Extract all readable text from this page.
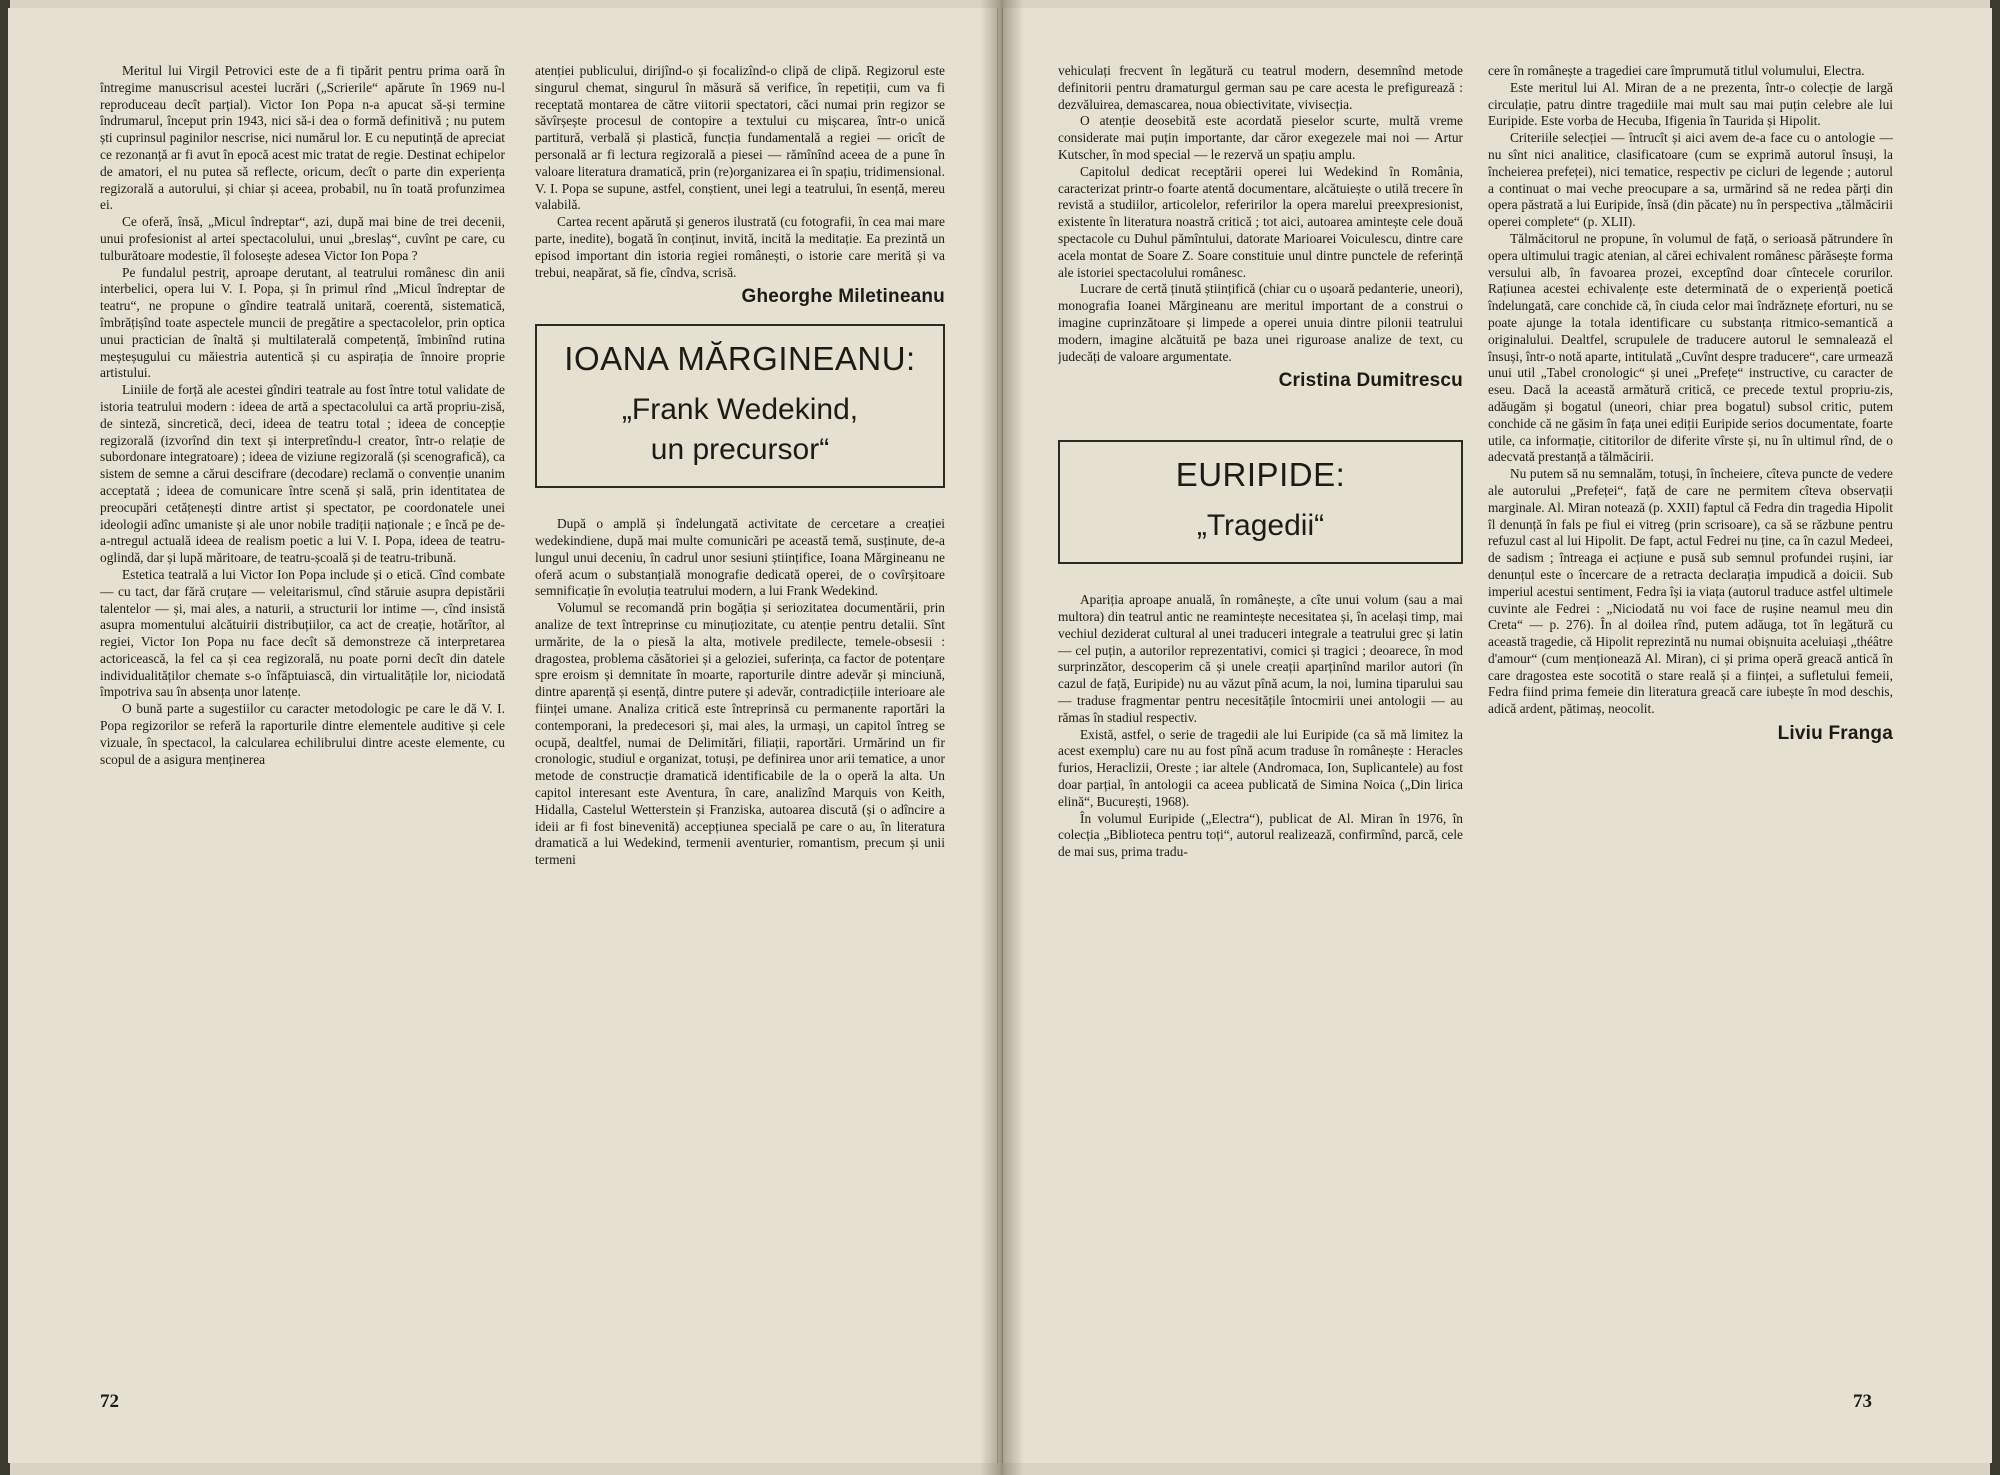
Meritul lui Virgil Petrovici este de a fi tipărit pentru prima oară în întregime manuscrisul acestei lucrări („Scrierile“ apărute în 1969 nu-l reproduceau decît parțial). Victor Ion Popa n-a apucat să-și termine îndrumarul, început prin 1943, nici să-i dea o formă definitivă ; nu putem ști cuprinsul paginilor nescrise, nici numărul lor. E cu neputință de apreciat ce rezonanță ar fi avut în epocă acest mic tratat de regie. Destinat echipelor de amatori, el nu putea să reflecte, oricum, decît o parte din experiența regizorală a autorului, și chiar și aceea, probabil, nu în toată profunzimea ei.

Ce oferă, însă, „Micul îndreptar“, azi, după mai bine de trei decenii, unui profesionist al artei spectacolului, unui „breslaș“, cuvînt pe care, cu tulburătoare modestie, îl folosește adesea Victor Ion Popa ?

Pe fundalul pestriț, aproape derutant, al teatrului românesc din anii interbelici, opera lui V. I. Popa, și în primul rînd „Micul îndreptar de teatru“, ne propune o gîndire teatrală unitară, coerentă, sistematică, îmbrățișînd toate aspectele muncii de pregătire a spectacolelor, prin optica unui practician de înaltă și multilaterală competență, îmbinînd rutina meșteșugului cu măiestria autentică și cu aspirația de înnoire proprie artistului.

Liniile de forță ale acestei gîndiri teatrale au fost între totul validate de istoria teatrului modern : ideea de artă a spectacolului ca artă propriu-zisă, de sinteză, sincretică, deci, ideea de teatru total ; ideea de concepție regizorală (izvorînd din text și interpretîndu-l creator, într-o relație de subordonare integratoare) ; ideea de viziune regizorală (și scenografică), ca sistem de semne a cărui descifrare (decodare) reclamă o convenție unanim acceptată ; ideea de comunicare între scenă și sală, prin identitatea de preocupări cetățenești dintre artist și spectator, pe coordonatele unei ideologii adînc umaniste și ale unor nobile tradiții naționale ; e încă pe de-a-ntregul actuală ideea de realism poetic a lui V. I. Popa, ideea de teatru-oglindă, dar și lupă măritoare, de teatru-școală și de teatru-tribună.

Estetica teatrală a lui Victor Ion Popa include și o etică. Cînd combate — cu tact, dar fără cruțare — veleitarismul, cînd stăruie asupra depistării talentelor — și, mai ales, a naturii, a structurii lor intime —, cînd insistă asupra momentului alcătuirii distribuțiilor, ca act de creație, hotărîtor, al regiei, Victor Ion Popa nu face decît să demonstreze că interpretarea actoricească, la fel ca și cea regizorală, nu poate porni decît din datele individualităților chemate s-o înfăptuiască, din virtualitățile lor, niciodată împotriva sau în absența unor latențe.

O bună parte a sugestiilor cu caracter metodologic pe care le dă V. I. Popa regizorilor se referă la raporturile dintre elementele auditive și cele vizuale, în spectacol, la calcularea echilibrului dintre aceste elemente, cu scopul de a asigura menținerea

atenției publicului, dirijînd-o și focalizînd-o clipă de clipă. Regizorul este singurul chemat, singurul în măsură să verifice, în repetiții, cum va fi receptată montarea de către viitorii spectatori, căci numai prin regizor se săvîrșește procesul de contopire a textului cu mișcarea, într-o unică partitură, verbală și plastică, funcția fundamentală a regiei — oricît de personală ar fi lectura regizorală a piesei — rămînînd aceea de a pune în valoare literatura dramatică, prin (re)organizarea ei în spațiu, tridimensional. V. I. Popa se supune, astfel, conștient, unei legi a teatrului, în esență, mereu valabilă.

Cartea recent apărută și generos ilustrată (cu fotografii, în cea mai mare parte, inedite), bogată în conținut, invită, incită la meditație. Ea prezintă un episod important din istoria regiei românești, o istorie care merită și va trebui, neapărat, să fie, cîndva, scrisă.

Gheorghe Miletineanu
IOANA MĂRGINEANU:
„Frank Wedekind,
un precursor“

După o amplă și îndelungată activitate de cercetare a creației wedekindiene, după mai multe comunicări pe această temă, susținute, de-a lungul unui deceniu, în cadrul unor sesiuni științifice, Ioana Mărgineanu ne oferă acum o substanțială monografie dedicată operei, de o covîrșitoare semnificație în evoluția teatrului modern, a lui Frank Wedekind.

Volumul se recomandă prin bogăția și seriozitatea documentării, prin analize de text întreprinse cu minuțiozitate, cu atenție pentru detalii. Sînt urmărite, de la o piesă la alta, motivele predilecte, temele-obsesii : dragostea, problema căsătoriei și a geloziei, suferința, ca factor de potențare spre eroism și demnitate în moarte, raporturile dintre adevăr și minciună, dintre aparență și esență, dintre putere și adevăr, contradicțiile interioare ale ființei umane. Analiza critică este întreprinsă cu permanente raportări la contemporani, la predecesori și, mai ales, la urmași, un capitol întreg se ocupă, dealtfel, numai de Delimitări, filiații, raportări. Urmărind un fir cronologic, studiul e organizat, totuși, pe definirea unor arii tematice, a unor metode de construcție dramatică identificabile de la o operă la alta. Un capitol interesant este Aventura, în care, analizînd Marquis von Keith, Hidalla, Castelul Wetterstein și Franziska, autoarea discută (și o adîncire a ideii ar fi fost binevenită) accepțiunea specială pe care o au, în literatura dramatică a lui Wedekind, termenii aventurier, romantism, precum și unii termeni

72

vehiculați frecvent în legătură cu teatrul modern, desemnînd metode definitorii pentru dramaturgul german sau pe care acesta le prefigurează : dezvăluirea, demascarea, noua obiectivitate, vivisecția.

O atenție deosebită este acordată pieselor scurte, multă vreme considerate mai puțin importante, dar căror exegezele mai noi — Artur Kutscher, în mod special — le rezervă un spațiu amplu.

Capitolul dedicat receptării operei lui Wedekind în România, caracterizat printr-o foarte atentă documentare, alcătuiește o utilă trecere în revistă a studiilor, articolelor, referirilor la opera marelui preexpresionist, existente în literatura noastră critică ; tot aici, autoarea amintește cele două spectacole cu Duhul pămîntului, datorate Marioarei Voiculescu, dintre care acela montat de Soare Z. Soare constituie unul dintre punctele de referință ale istoriei spectacolului românesc.

Lucrare de certă ținută științifică (chiar cu o ușoară pedanterie, uneori), monografia Ioanei Mărgineanu are meritul important de a construi o imagine cuprinzătoare și limpede a operei unuia dintre pilonii teatrului modern, imagine alcătuită pe baza unei riguroase analize de text, cu judecăți de valoare argumentate.

Cristina Dumitrescu
EURIPIDE:
„Tragedii“

Apariția aproape anuală, în românește, a cîte unui volum (sau a mai multora) din teatrul antic ne reamintește necesitatea și, în același timp, mai vechiul deziderat cultural al unei traduceri integrale a teatrului grec și latin — cel puțin, a autorilor reprezentativi, comici și tragici ; deoarece, în mod surprinzător, descoperim că și unele creații aparținînd marilor autori (în cazul de față, Euripide) nu au văzut pînă acum, la noi, lumina tiparului sau — traduse fragmentar pentru necesitățile întocmirii unei antologii — au rămas în stadiul respectiv.

Există, astfel, o serie de tragedii ale lui Euripide (ca să mă limitez la acest exemplu) care nu au fost pînă acum traduse în românește : Heracles furios, Heraclizii, Oreste ; iar altele (Andromaca, Ion, Suplicantele) au fost doar parțial, în antologii ca aceea publicată de Simina Noica („Din lirica elină“, București, 1968).

În volumul Euripide („Electra“), publicat de Al. Miran în 1976, în colecția „Biblioteca pentru toți“, autorul realizează, confirmînd, parcă, cele de mai sus, prima tradu-

cere în românește a tragediei care împrumută titlul volumului, Electra.

Este meritul lui Al. Miran de a ne prezenta, într-o colecție de largă circulație, patru dintre tragediile mai mult sau mai puțin celebre ale lui Euripide. Este vorba de Hecuba, Ifigenia în Taurida și Hipolit.

Criteriile selecției — întrucît și aici avem de-a face cu o antologie — nu sînt nici analitice, clasificatoare (cum se exprimă autorul însuși, la încheierea prefeței), nici tematice, respectiv pe cicluri de legende ; autorul a continuat o mai veche preocupare a sa, urmărind să ne redea părți din opera păstrată a lui Euripide, însă (din păcate) nu în perspectiva „tălmăcirii operei complete“ (p. XLII).

Tălmăcitorul ne propune, în volumul de față, o serioasă pătrundere în opera ultimului tragic atenian, al cărei echivalent românesc părăsește forma versului alb, în favoarea prozei, exceptînd doar cîntecele corurilor. Rațiunea acestei echivalențe este determinată de o experiență poetică îndelungată, care conchide că, în ciuda celor mai îndrăznețe eforturi, nu se poate ajunge la totala identificare cu substanța ritmico-semantică a originalului. Dealtfel, scrupulele de traducere autorul le semnalează el însuși, într-o notă aparte, intitulată „Cuvînt despre traducere“, care urmează unui util „Tabel cronologic“ și unei „Prefețe“ instructive, cu caracter de eseu. Dacă la această armătură critică, ce precede textul propriu-zis, adăugăm și bogatul (uneori, chiar prea bogatul) subsol critic, putem conchide că ne găsim în fața unei ediții Euripide serios documentate, foarte utile, ca informație, cititorilor de diferite vîrste și, nu în ultimul rînd, de o adecvată prestanță a tălmăcirii.

Nu putem să nu semnalăm, totuși, în încheiere, cîteva puncte de vedere ale autorului „Prefeței“, față de care ne permitem cîteva observații marginale. Al. Miran notează (p. XXII) faptul că Fedra din tragedia Hipolit îl denunță în fals pe fiul ei vitreg (prin scrisoare), ca să se răzbune pentru refuzul cast al lui Hipolit. De fapt, actul Fedrei nu ține, ca în cazul Medeei, de sadism ; întreaga ei acțiune e pusă sub semnul profundei rușini, iar denunțul este o încercare de a retracta declarația impudică a doicii. Sub imperiul acestui sentiment, Fedra își ia viața (autorul traduce astfel ultimele cuvinte ale Fedrei : „Niciodată nu voi face de rușine neamul meu din Creta“ — p. 276). În al doilea rînd, putem adăuga, tot în legătură cu această tragedie, că Hipolit reprezintă nu numai obișnuita aceluiași „théâtre d'amour“ (cum menționează Al. Miran), ci și prima operă greacă antică în care dragostea este socotită o stare reală și a ființei, a sufletului femeii, Fedra fiind prima femeie din literatura greacă care iubește în mod deschis, adică ardent, pătimaș, neocolit.

Liviu Franga
73
